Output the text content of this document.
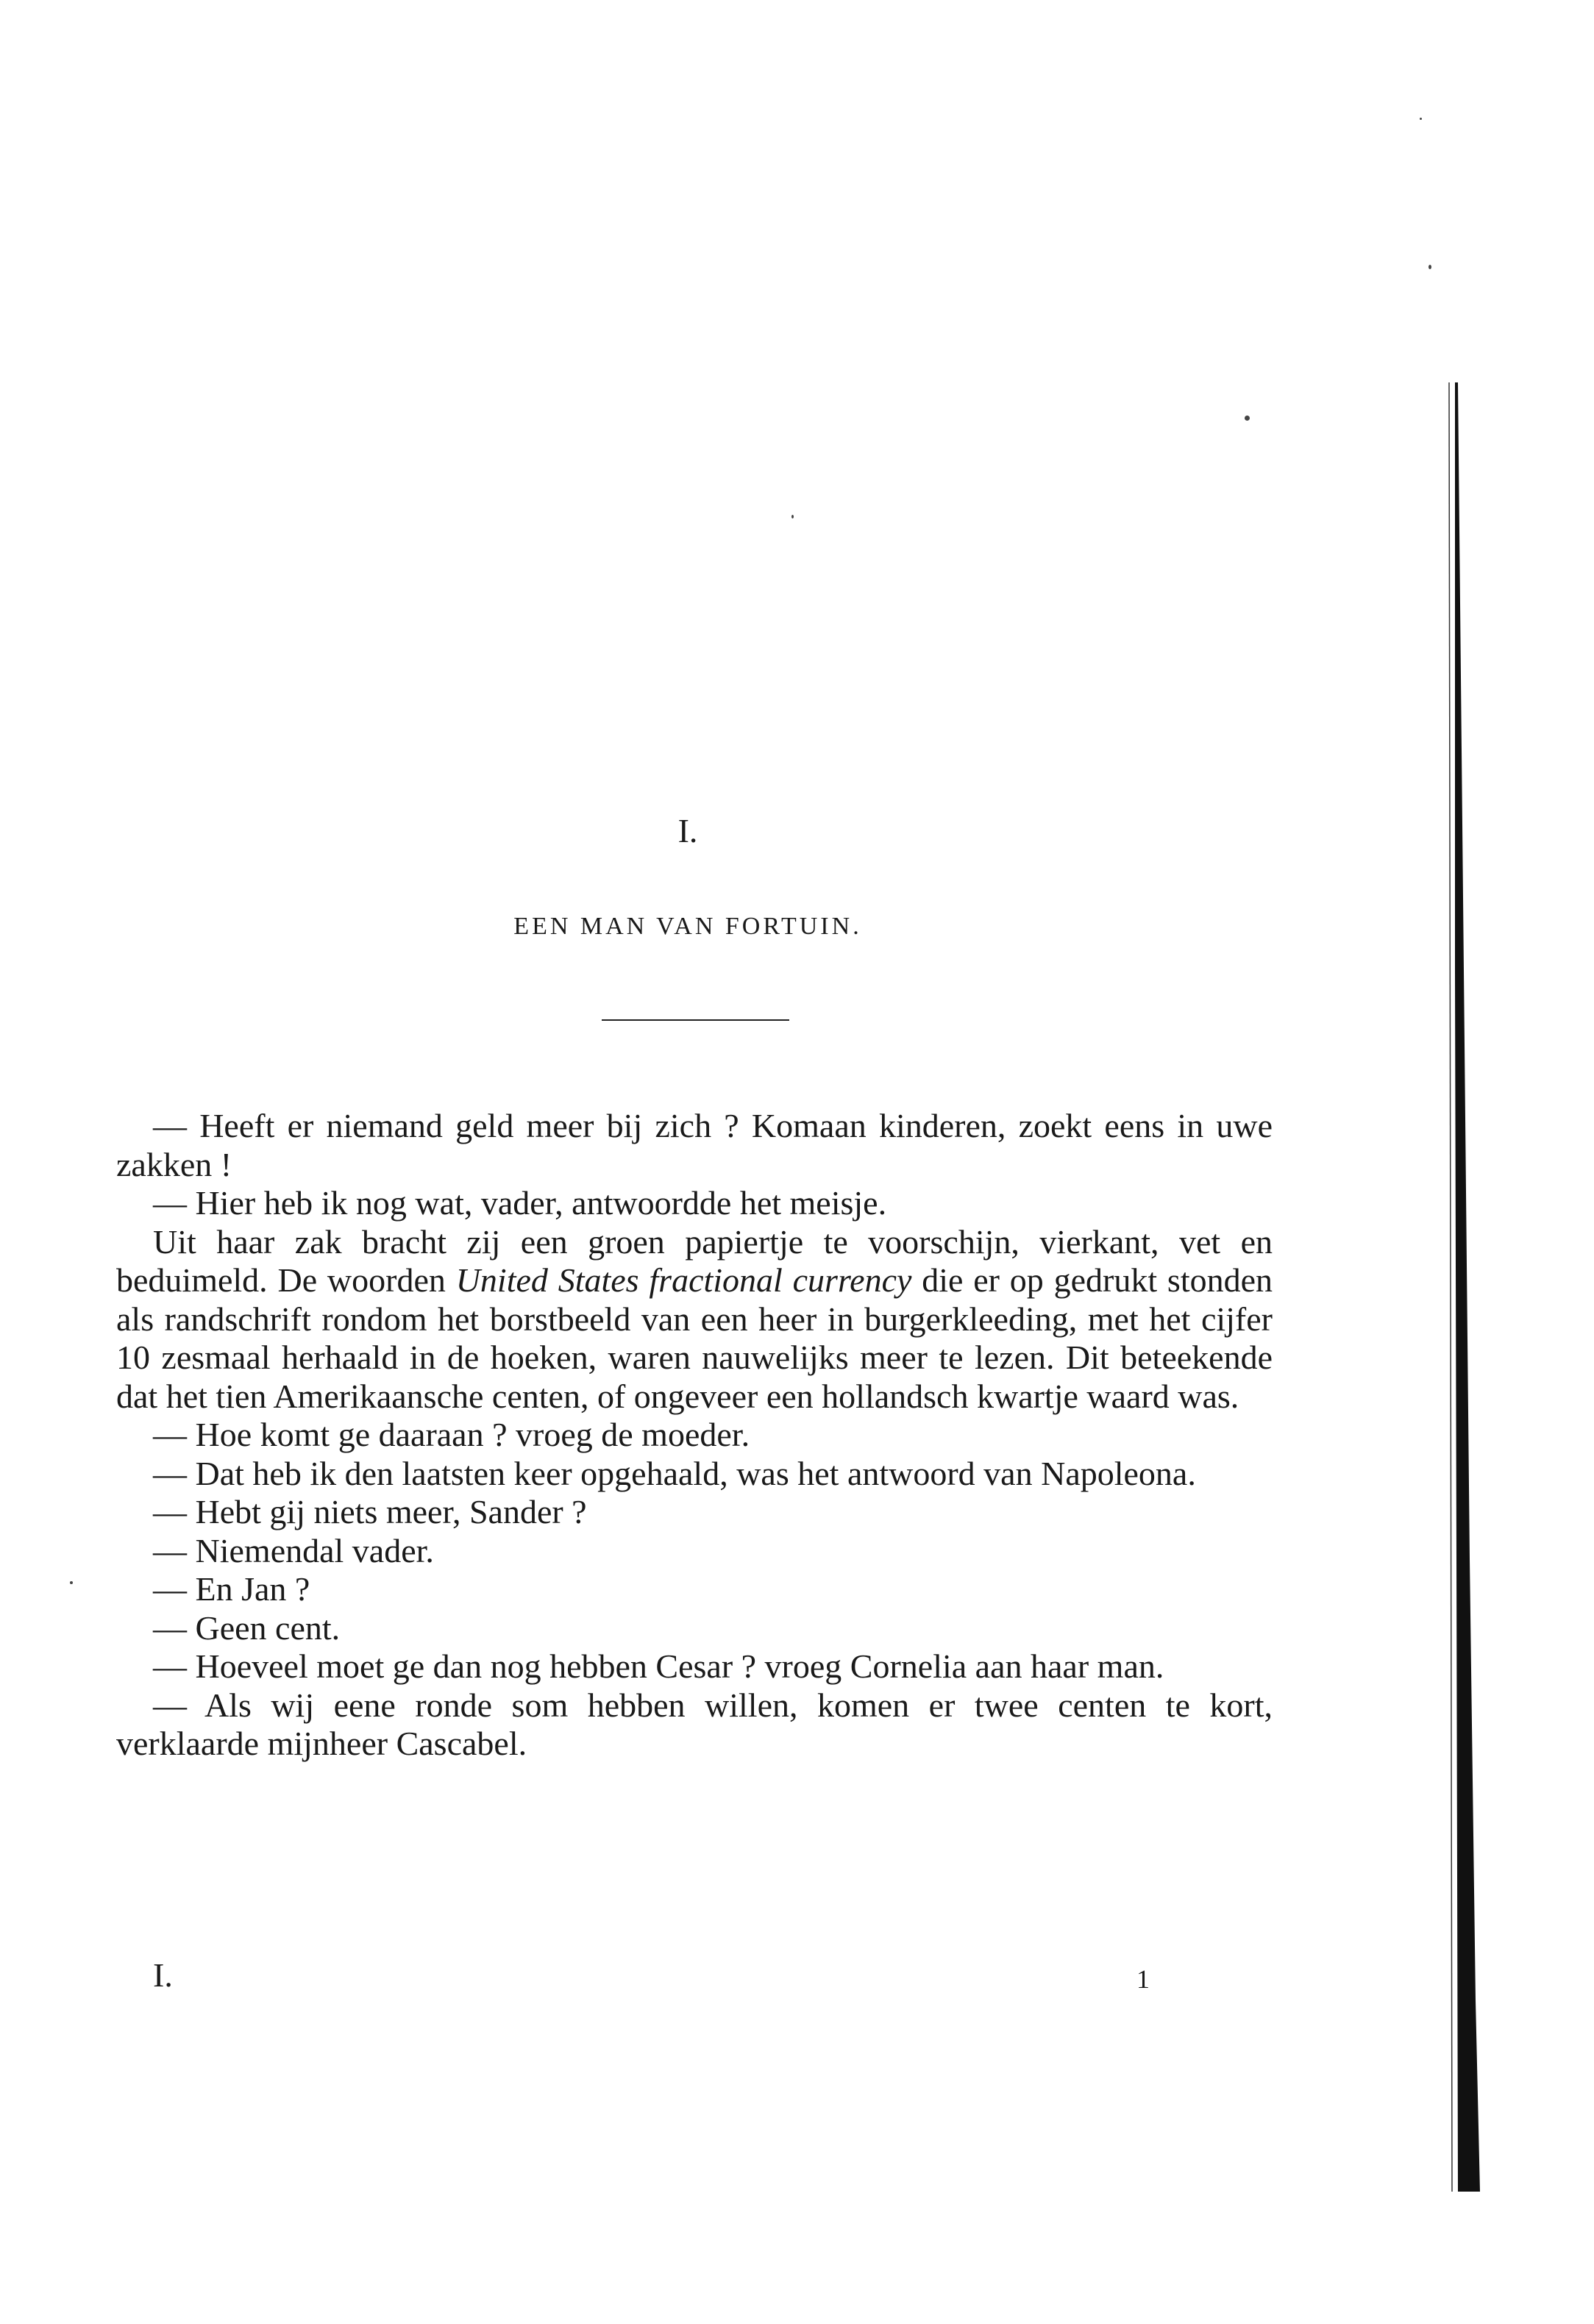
I.
EEN MAN VAN FORTUIN.

— Heeft er niemand geld meer bij zich ? Komaan kinderen, zoekt eens in uwe zakken !

— Hier heb ik nog wat, vader, antwoordde het meisje.

Uit haar zak bracht zij een groen papiertje te voorschijn, vierkant, vet en beduimeld. De woorden United States fractional currency die er op gedrukt stonden als randschrift rondom het borstbeeld van een heer in burgerkleeding, met het cijfer 10 zesmaal herhaald in de hoeken, waren nauwelijks meer te lezen. Dit beteekende dat het tien Amerikaansche centen, of ongeveer een hollandsch kwartje waard was.

— Hoe komt ge daaraan ? vroeg de moeder.

— Dat heb ik den laatsten keer opgehaald, was het antwoord van Napoleona.

— Hebt gij niets meer, Sander ?

— Niemendal vader.

— En Jan ?

— Geen cent.

— Hoeveel moet ge dan nog hebben Cesar ? vroeg Cornelia aan haar man.

— Als wij eene ronde som hebben willen, komen er twee centen te kort, verklaarde mijnheer Cascabel.

I.	1
